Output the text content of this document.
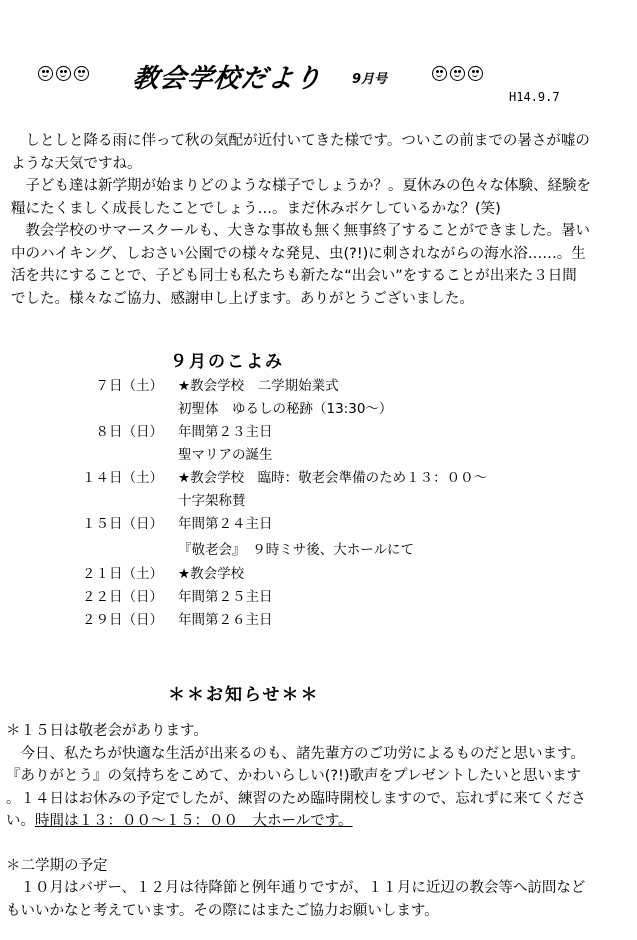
教会学校だより 9月号
H14.9.7

　しとしと降る雨に伴って秋の気配が近付いてきた様です。ついこの前までの暑さが嘘の

ような天気ですね。

　子ども達は新学期が始まりどのような様子でしょうか？。夏休みの色々な体験、経験を

糧にたくましく成長したことでしょう…。まだ休みボケしているかな？(笑)

　教会学校のサマースクールも、大きな事故も無く無事終了することができました。暑い

中のハイキング、しおさい公園での様々な発見、虫(?!)に刺されながらの海水浴……。生

活を共にすることで、子ども同士も私たちも新たな“出会い”をすることが出来た３日間

でした。様々なご協力、感謝申し上げます。ありがとうございました。

９月のこよみ
７日（土） ★教会学校　二学期始業式
初聖体　ゆるしの秘跡（13:30～）
８日（日） 年間第２３主日
聖マリアの誕生
１４日（土） ★教会学校　臨時：敬老会準備のため１３：００～
十字架称賛
１５日（日） 年間第２４主日
『敬老会』　９時ミサ後、大ホールにて
２１日（土） ★教会学校
２２日（日） 年間第２５主日
２９日（日） 年間第２６主日
＊＊お知らせ＊＊
＊１５日は敬老会があります。
　今日、私たちが快適な生活が出来るのも、諸先輩方のご功労によるものだと思います。
『ありがとう』の気持ちをこめて、かわいらしい(?!)歌声をプレゼントしたいと思います
。１４日はお休みの予定でしたが、練習のため臨時開校しますので、忘れずに来てくださ
い。時間は１３：００～１５：００　大ホールです。
＊二学期の予定
　１０月はバザー、１２月は待降節と例年通りですが、１１月に近辺の教会等へ訪問など
もいいかなと考えています。その際にはまたご協力お願いします。
